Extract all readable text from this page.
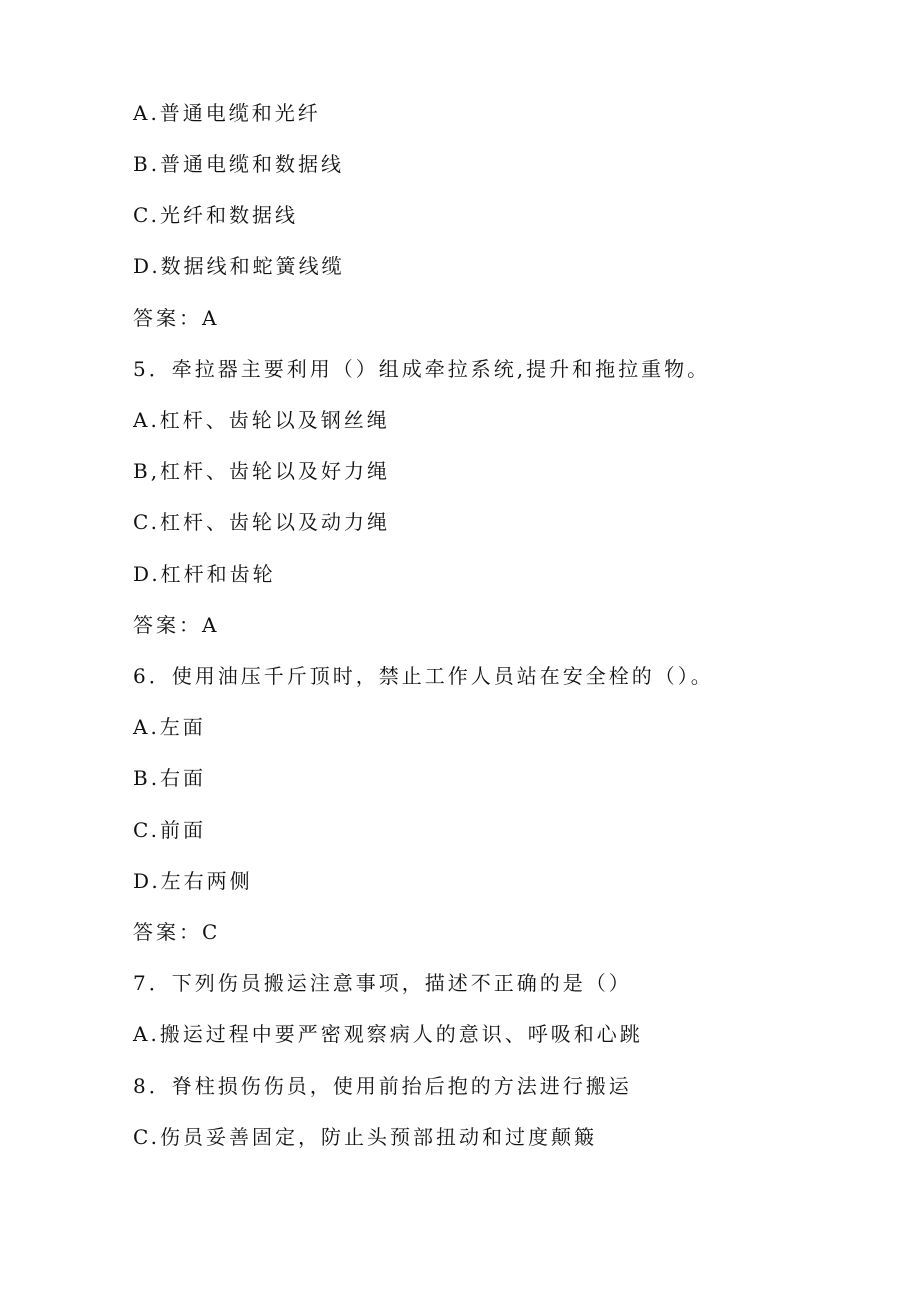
A.普通电缆和光纤
B.普通电缆和数据线
C.光纤和数据线
D.数据线和蛇簧线缆
答案：A
5．牵拉器主要利用（）组成牵拉系统,提升和拖拉重物。
A.杠杆、齿轮以及钢丝绳
B,杠杆、齿轮以及好力绳
C.杠杆、齿轮以及动力绳
D.杠杆和齿轮
答案：A
6．使用油压千斤顶时，禁止工作人员站在安全栓的（）。
A.左面
B.右面
C.前面
D.左右两侧
答案：C
7．下列伤员搬运注意事项，描述不正确的是（）
A.搬运过程中要严密观察病人的意识、呼吸和心跳
8．脊柱损伤伤员，使用前抬后抱的方法进行搬运
C.伤员妥善固定，防止头预部扭动和过度颠簸
